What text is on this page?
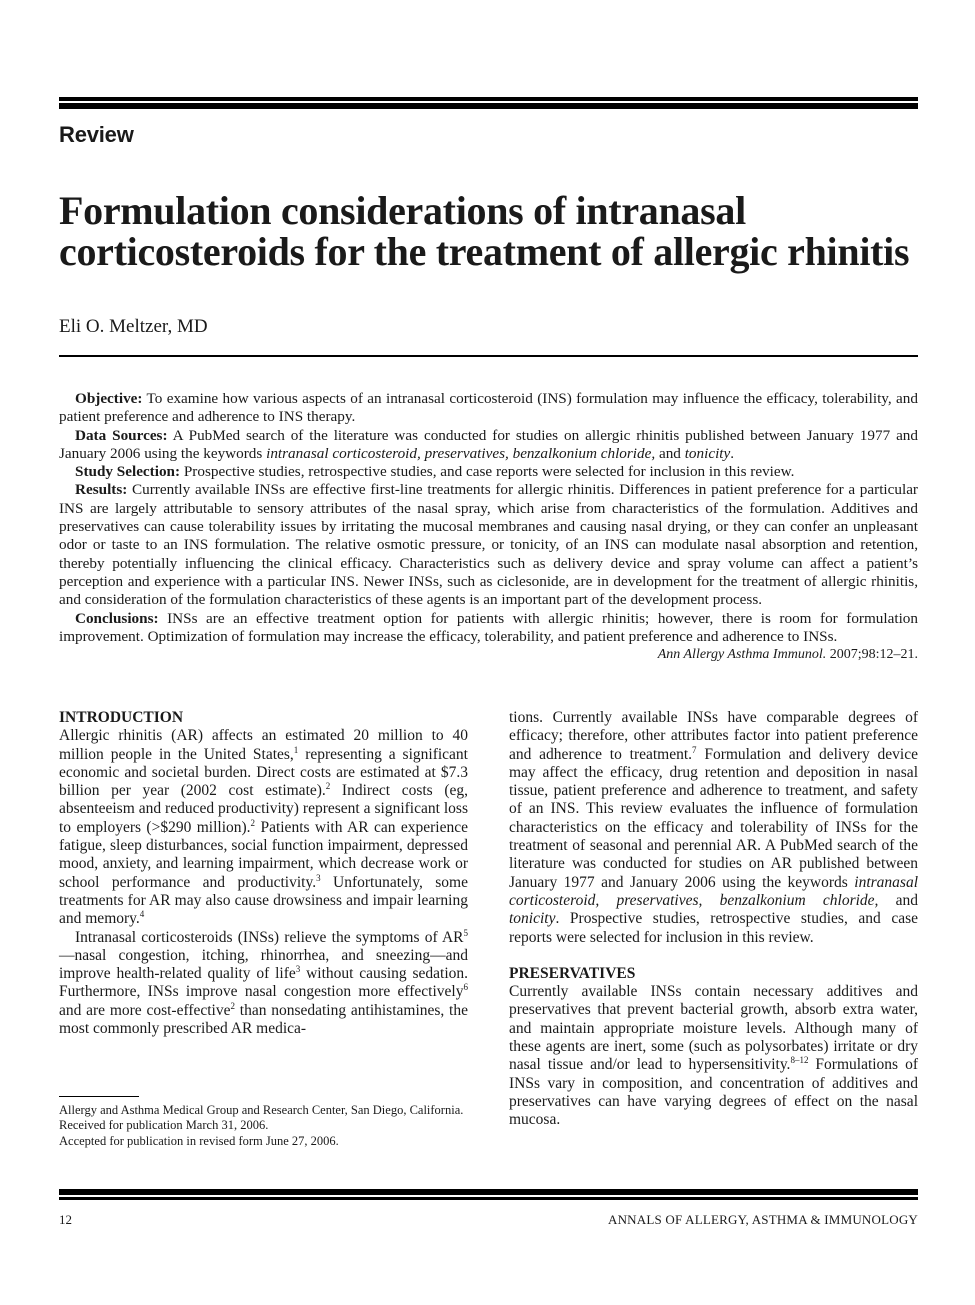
Review
Formulation considerations of intranasal corticosteroids for the treatment of allergic rhinitis
Eli O. Meltzer, MD

Objective: To examine how various aspects of an intranasal corticosteroid (INS) formulation may influence the efficacy, tolerability, and patient preference and adherence to INS therapy.

Data Sources: A PubMed search of the literature was conducted for studies on allergic rhinitis published between January 1977 and January 2006 using the keywords intranasal corticosteroid, preservatives, benzalkonium chloride, and tonicity.

Study Selection: Prospective studies, retrospective studies, and case reports were selected for inclusion in this review.

Results: Currently available INSs are effective first-line treatments for allergic rhinitis. Differences in patient preference for a particular INS are largely attributable to sensory attributes of the nasal spray, which arise from characteristics of the formulation. Additives and preservatives can cause tolerability issues by irritating the mucosal membranes and causing nasal drying, or they can confer an unpleasant odor or taste to an INS formulation. The relative osmotic pressure, or tonicity, of an INS can modulate nasal absorption and retention, thereby potentially influencing the clinical efficacy. Characteristics such as delivery device and spray volume can affect a patient’s perception and experience with a particular INS. Newer INSs, such as ciclesonide, are in development for the treatment of allergic rhinitis, and consideration of the formulation characteristics of these agents is an important part of the development process.

Conclusions: INSs are an effective treatment option for patients with allergic rhinitis; however, there is room for formulation improvement. Optimization of formulation may increase the efficacy, tolerability, and patient preference and adherence to INSs.

Ann Allergy Asthma Immunol. 2007;98:12–21.
INTRODUCTION

Allergic rhinitis (AR) affects an estimated 20 million to 40 million people in the United States,$^1$ representing a significant economic and societal burden. Direct costs are estimated at $7.3 billion per year (2002 cost estimate).$^2$ Indirect costs (eg, absenteeism and reduced productivity) represent a significant loss to employers (>$290 million).$^2$ Patients with AR can experience fatigue, sleep disturbances, social function impairment, depressed mood, anxiety, and learning impairment, which decrease work or school performance and productivity.$^3$ Unfortunately, some treatments for AR may also cause drowsiness and impair learning and memory.$^4$

Intranasal corticosteroids (INSs) relieve the symptoms of $AR^5—nasal$ congestion, itching, rhinorrhea, and sneezing—and improve health-related quality of life$^3$ without causing sedation. Furthermore, INSs improve nasal congestion more effectively$^6$ and are more cost-effective$^2$ than nonsedating antihistamines, the most commonly prescribed AR medica-

tions. Currently available INSs have comparable degrees of efficacy; therefore, other attributes factor into patient preference and adherence to treatment.$^7$ Formulation and delivery device may affect the efficacy, drug retention and deposition in nasal tissue, patient preference and adherence to treatment, and safety of an INS. This review evaluates the influence of formulation characteristics on the efficacy and tolerability of INSs for the treatment of seasonal and perennial AR. A PubMed search of the literature was conducted for studies on AR published between January 1977 and January 2006 using the keywords intranasal corticosteroid, preservatives, benzalkonium chloride, and tonicity. Prospective studies, retrospective studies, and case reports were selected for inclusion in this review.

PRESERVATIVES

Currently available INSs contain necessary additives and preservatives that prevent bacterial growth, absorb extra water, and maintain appropriate moisture levels. Although many of these agents are inert, some (such as polysorbates) irritate or dry nasal tissue and/or lead to hypersensitivity.$^{8-12}$ Formulations of INSs vary in composition, and concentration of additives and preservatives can have varying degrees of effect on the nasal mucosa.

Allergy and Asthma Medical Group and Research Center, San Diego, California.

Received for publication March 31, 2006.

Accepted for publication in revised form June 27, 2006.

12	ANNALS OF ALLERGY, ASTHMA & IMMUNOLOGY
